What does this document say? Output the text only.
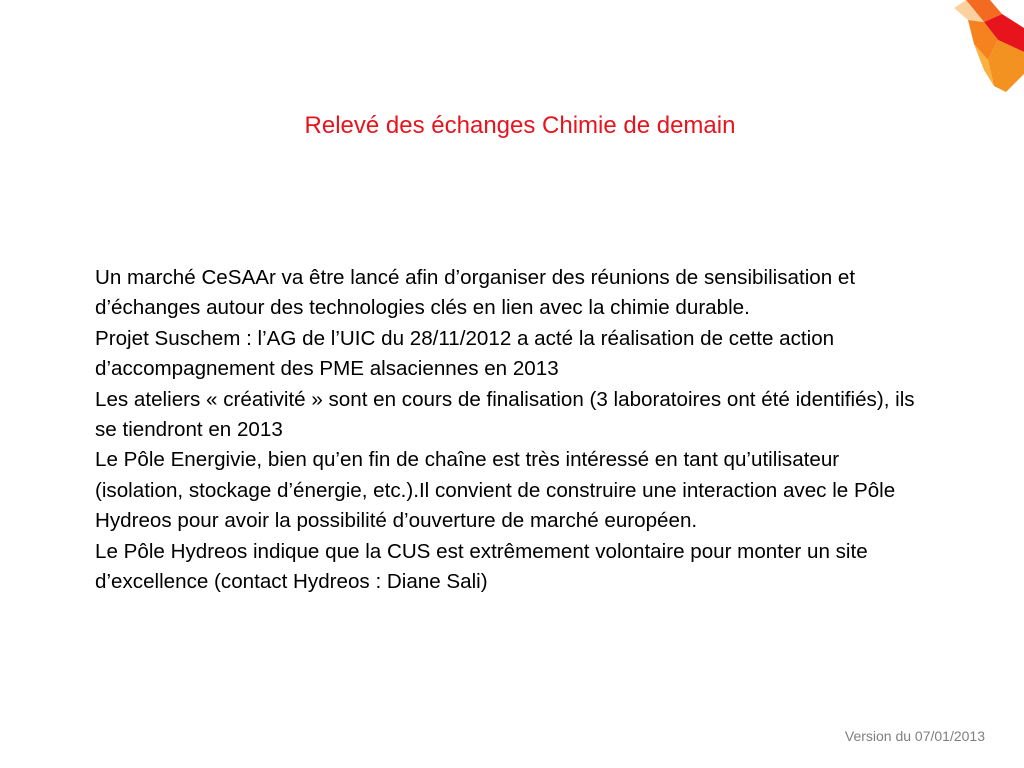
Relevé des échanges Chimie de demain
Un marché CeSAAr va être lancé afin d’organiser des réunions de sensibilisation et d’échanges autour des technologies clés en lien avec la chimie durable.
Projet Suschem : l’AG de l’UIC du 28/11/2012 a acté la réalisation de cette action d’accompagnement des PME alsaciennes en 2013
Les ateliers « créativité » sont en cours de finalisation (3 laboratoires ont été identifiés), ils se tiendront en 2013
Le Pôle Energivie, bien qu’en fin de chaîne est très intéressé en tant qu’utilisateur (isolation, stockage d’énergie, etc.).Il convient de construire une interaction avec le Pôle Hydreos pour avoir la possibilité d’ouverture de marché européen.
Le Pôle Hydreos indique que la CUS est extrêmement volontaire pour monter un site d’excellence (contact Hydreos : Diane Sali)
Version du 07/01/2013
